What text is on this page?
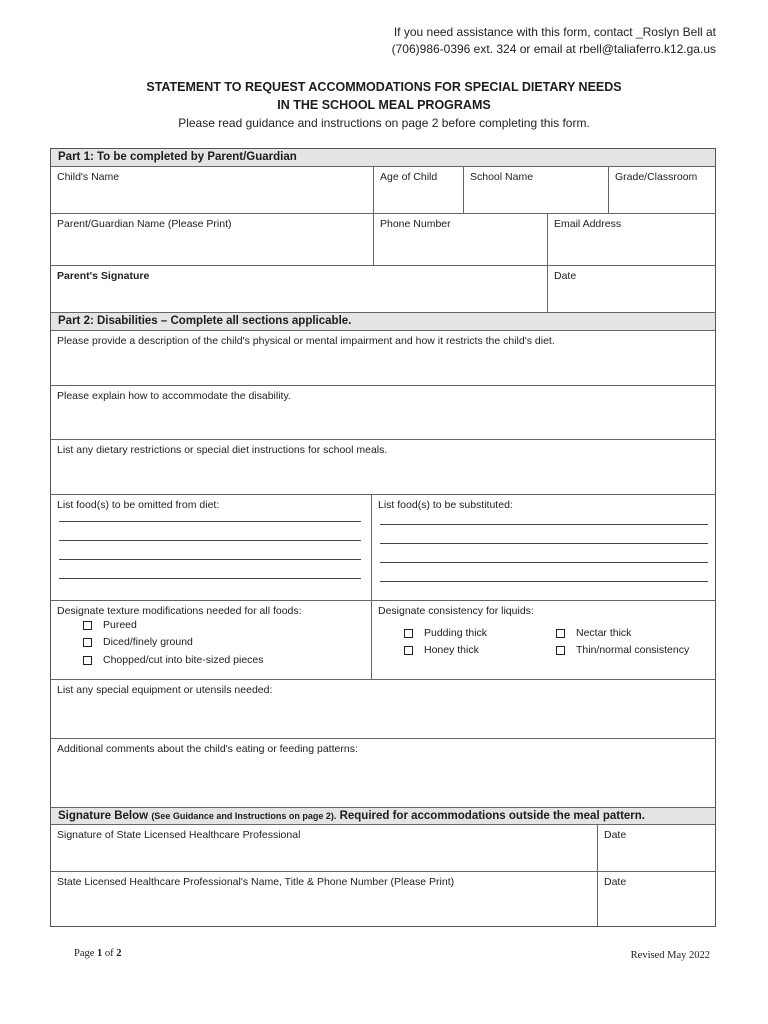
If you need assistance with this form, contact _Roslyn Bell at
(706)986-0396 ext. 324 or email at rbell@taliaferro.k12.ga.us
STATEMENT TO REQUEST ACCOMMODATIONS FOR SPECIAL DIETARY NEEDS
IN THE SCHOOL MEAL PROGRAMS
Please read guidance and instructions on page 2 before completing this form.
Part 1: To be completed by Parent/Guardian
Child's Name	Age of Child	School Name	Grade/Classroom
Parent/Guardian Name (Please Print)	Phone Number	Email Address
Parent's Signature	Date
Part 2: Disabilities – Complete all sections applicable.
Please provide a description of the child's physical or mental impairment and how it restricts the child's diet.
Please explain how to accommodate the disability.
List any dietary restrictions or special diet instructions for school meals.
List food(s) to be omitted from diet:	List food(s) to be substituted:
Designate texture modifications needed for all foods:
Pureed
Diced/finely ground
Chopped/cut into bite-sized pieces
Designate consistency for liquids:
Pudding thick
Honey thick
Nectar thick
Thin/normal consistency
List any special equipment or utensils needed:
Additional comments about the child's eating or feeding patterns:
Signature Below (See Guidance and Instructions on page 2). Required for accommodations outside the meal pattern.
Signature of State Licensed Healthcare Professional	Date
State Licensed Healthcare Professional's Name, Title & Phone Number (Please Print)	Date
Page 1 of 2	Revised May 2022
